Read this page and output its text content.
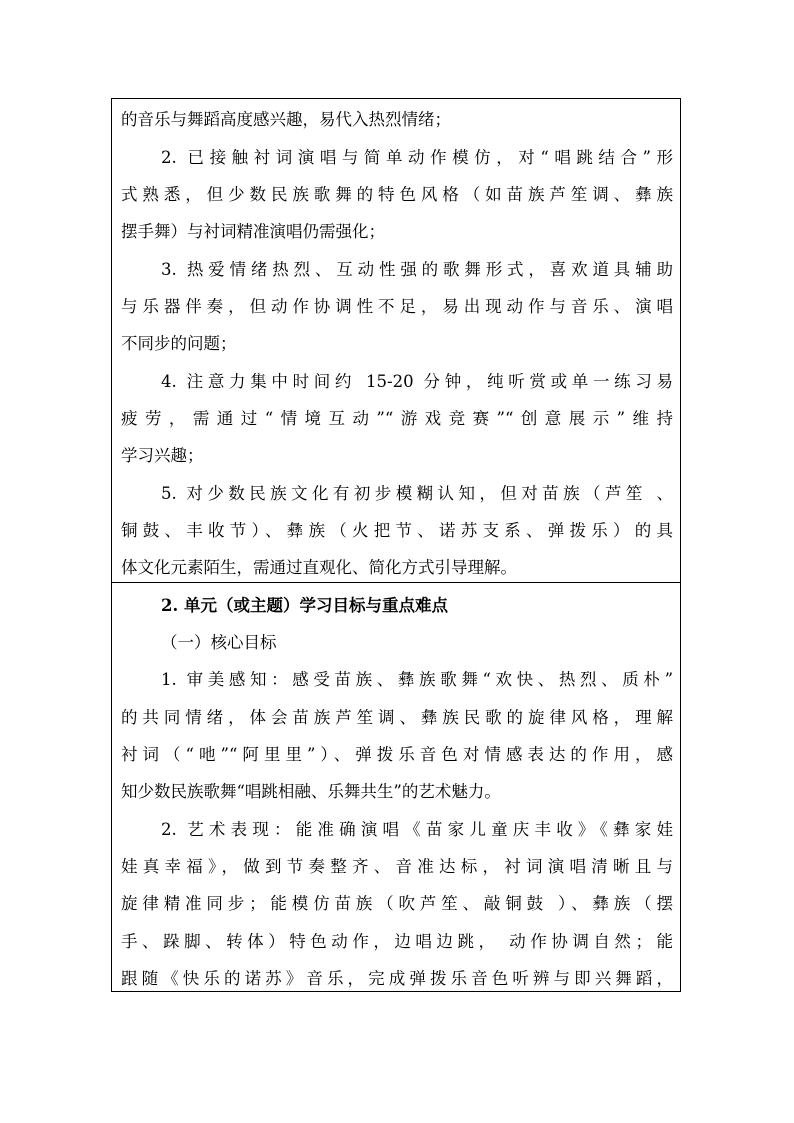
的音乐与舞蹈高度感兴趣，易代入热烈情绪；
2. 已接触衬词演唱与简单动作模仿，对“唱跳结合”形
式熟悉，但少数民族歌舞的特色风格（如苗族芦笙调、彝族
摆手舞）与衬词精准演唱仍需强化；
3. 热爱情绪热烈、互动性强的歌舞形式，喜欢道具辅助
与乐器伴奏，但动作协调性不足，易出现动作与音乐、演唱
不同步的问题；
4. 注意力集中时间约 15-20 分钟，纯听赏或单一练习易
疲劳，需通过“情境互动”“游戏竞赛”“创意展示”维持
学习兴趣；
5. 对少数民族文化有初步模糊认知，但对苗族（芦笙 、
铜鼓、丰收节）、彝族（火把节、诺苏支系、弹拨乐）的具
体文化元素陌生，需通过直观化、简化方式引导理解。
2. 单元（或主题）学习目标与重点难点
（一）核心目标
1. 审美感知：感受苗族、彝族歌舞“欢快、热烈、质朴”
的共同情绪，体会苗族芦笙调、彝族民歌的旋律风格，理解
衬词（“吔”“阿里里”）、弹拨乐音色对情感表达的作用，感
知少数民族歌舞“唱跳相融、乐舞共生”的艺术魅力。
2. 艺术表现：能准确演唱《苗家儿童庆丰收》《彝家娃
娃真幸福》，做到节奏整齐、音准达标，衬词演唱清晰且与
旋律精准同步；能模仿苗族（吹芦笙、敲铜鼓 ）、彝族（摆
手、跺脚、转体）特色动作，边唱边跳， 动作协调自然；能
跟随《快乐的诺苏》音乐，完成弹拨乐音色听辨与即兴舞蹈，
